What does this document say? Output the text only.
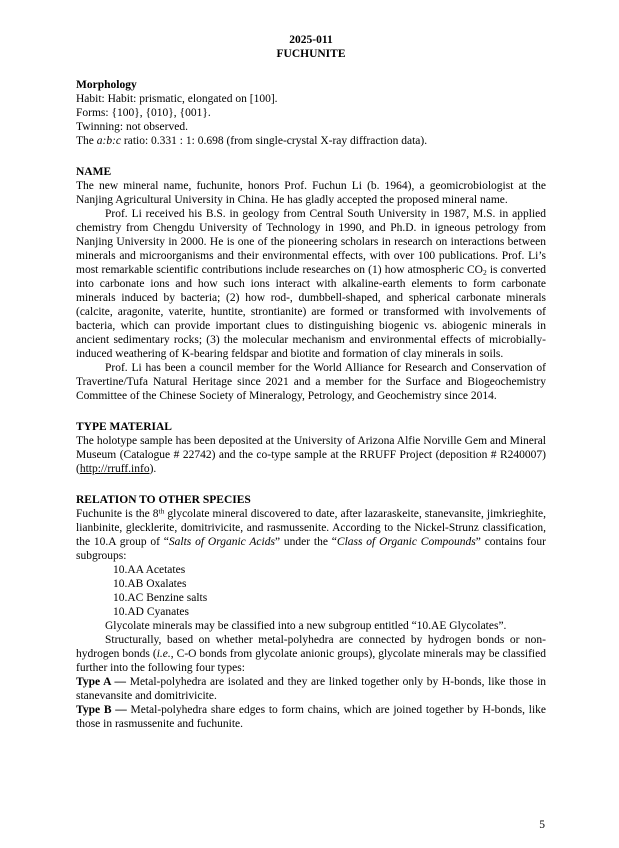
2025-011
FUCHUNITE
Morphology
Habit: Habit: prismatic, elongated on [100].
Forms: {100}, {010}, {001}.
Twinning: not observed.
The a:b:c ratio: 0.331 : 1: 0.698 (from single-crystal X-ray diffraction data).
NAME

The new mineral name, fuchunite, honors Prof. Fuchun Li (b. 1964), a geomicrobiologist at the Nanjing Agricultural University in China. He has gladly accepted the proposed mineral name.

Prof. Li received his B.S. in geology from Central South University in 1987, M.S. in applied chemistry from Chengdu University of Technology in 1990, and Ph.D. in igneous petrology from Nanjing University in 2000. He is one of the pioneering scholars in research on interactions between minerals and microorganisms and their environmental effects, with over 100 publications. Prof. Li’s most remarkable scientific contributions include researches on (1) how atmospheric $CO_2$ is converted into carbonate ions and how such ions interact with alkaline-earth elements to form carbonate minerals induced by bacteria; (2) how rod-, dumbbell-shaped, and spherical carbonate minerals (calcite, aragonite, vaterite, huntite, strontianite) are formed or transformed with involvements of bacteria, which can provide important clues to distinguishing biogenic vs. abiogenic minerals in ancient sedimentary rocks; (3) the molecular mechanism and environmental effects of microbially-induced weathering of K-bearing feldspar and biotite and formation of clay minerals in soils.

Prof. Li has been a council member for the World Alliance for Research and Conservation of Travertine/Tufa Natural Heritage since 2021 and a member for the Surface and Biogeochemistry Committee of the Chinese Society of Mineralogy, Petrology, and Geochemistry since 2014.

TYPE MATERIAL

The holotype sample has been deposited at the University of Arizona Alfie Norville Gem and Mineral Museum (Catalogue # 22742) and the co-type sample at the RRUFF Project (deposition # R240007) (http://rruff.info).

RELATION TO OTHER SPECIES

Fuchunite is the 8th glycolate mineral discovered to date, after lazaraskeite, stanevansite, jimkrieghite, lianbinite, glecklerite, domitrivicite, and rasmussenite. According to the Nickel-Strunz classification, the 10.A group of “Salts of Organic Acids” under the “Class of Organic Compounds” contains four subgroups:

10.AA Acetates
10.AB Oxalates
10.AC Benzine salts
10.AD Cyanates

Glycolate minerals may be classified into a new subgroup entitled “10.AE Glycolates”.

Structurally, based on whether metal-polyhedra are connected by hydrogen bonds or non-hydrogen bonds (i.e., C-O bonds from glycolate anionic groups), glycolate minerals may be classified further into the following four types:

Type A — Metal-polyhedra are isolated and they are linked together only by H-bonds, like those in stanevansite and domitrivicite.

Type B — Metal-polyhedra share edges to form chains, which are joined together by H-bonds, like those in rasmussenite and fuchunite.

5
